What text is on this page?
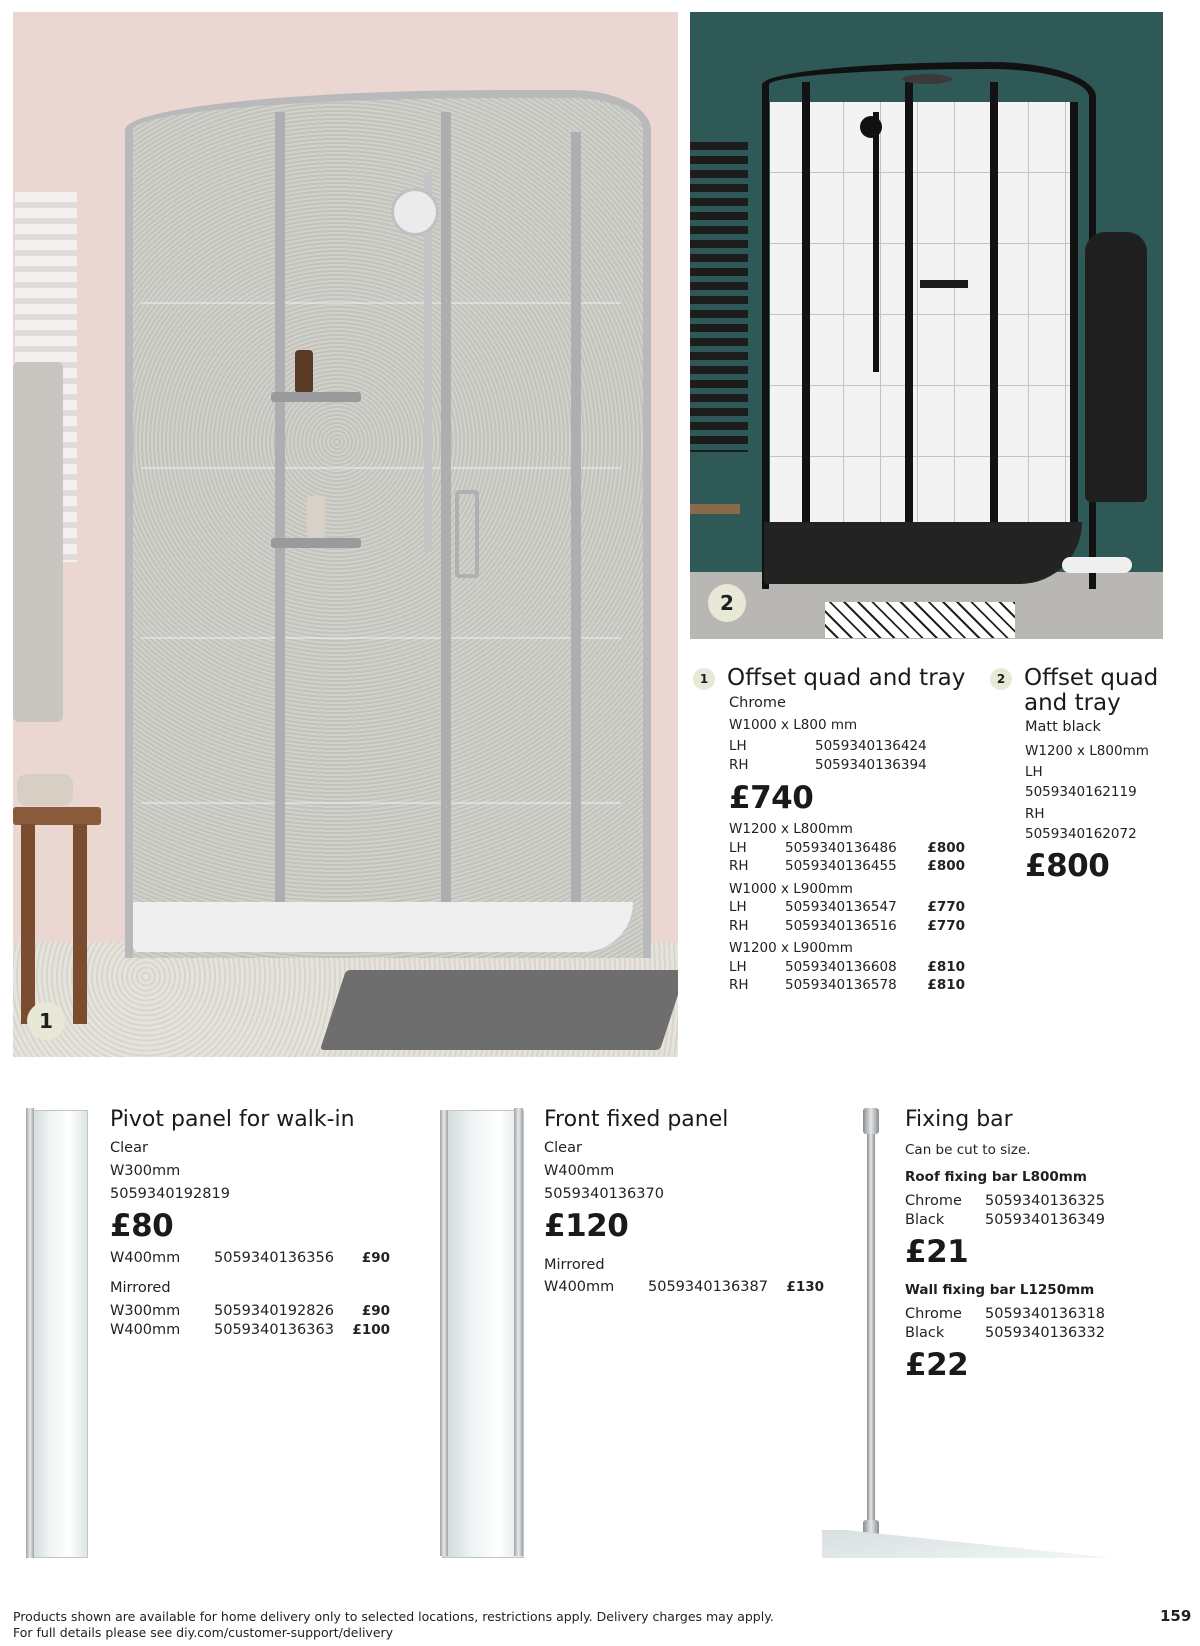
1
2
1 Offset quad and tray
Chrome
W1000 x L800 mm
LH	5059340136424
RH	5059340136394
£740
W1200 x L800mm
LH	5059340136486	£800
RH	5059340136455	£800
W1000 x L900mm
LH	5059340136547	£770
RH	5059340136516	£770
W1200 x L900mm
LH	5059340136608	£810
RH	5059340136578	£810
2 Offset quad
and tray
Matt black
W1200 x L800mm
LH
5059340162119
RH
5059340162072
£800
Pivot panel for walk-in
Clear
W300mm
5059340192819
£80
W400mm	5059340136356	£90
Mirrored
W300mm	5059340192826	£90
W400mm	5059340136363	£100
Front fixed panel
Clear
W400mm
5059340136370
£120
Mirrored
W400mm	5059340136387	£130
Fixing bar
Can be cut to size.
Roof fixing bar L800mm
Chrome	5059340136325
Black	5059340136349
£21
Wall fixing bar L1250mm
Chrome	5059340136318
Black	5059340136332
£22
Products shown are available for home delivery only to selected locations, restrictions apply. Delivery charges may apply.
For full details please see diy.com/customer-support/delivery
159
